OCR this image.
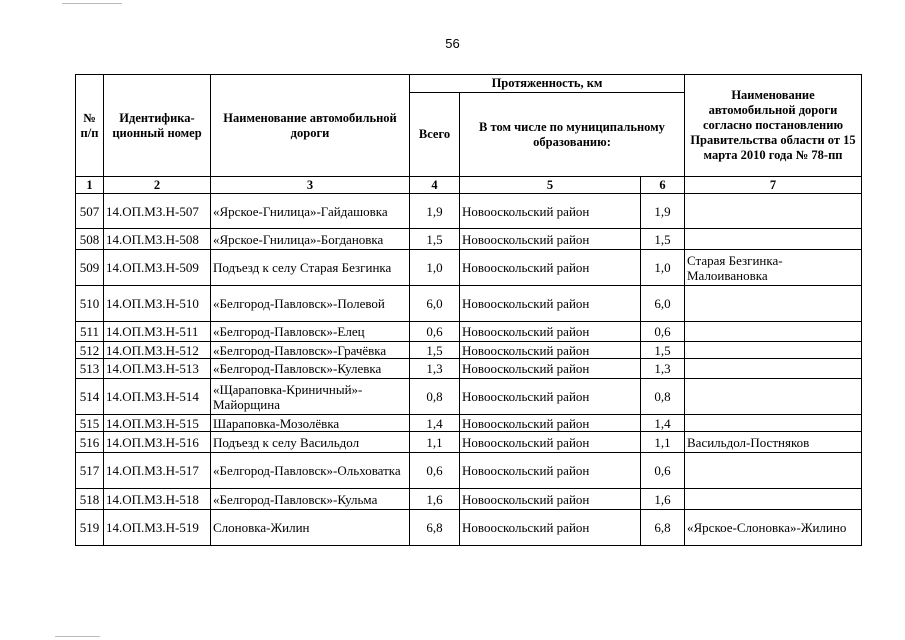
56
№ п/п	Идентифика-ционный номер	Наименование автомобильной дороги	Протяженность, км			Наименование автомобильной дороги согласно постановлению Правительства области от 15 марта 2010 года № 78-пп
			Всего	В том числе по муниципальному образованию:		
1	2	3	4	5	6	7
507	14.ОП.МЗ.Н-507	«Ярское-Гнилица»-Гайдашовка	1,9	Новооскольский район	1,9	
508	14.ОП.МЗ.Н-508	«Ярское-Гнилица»-Богдановка	1,5	Новооскольский район	1,5	
509	14.ОП.МЗ.Н-509	Подъезд к селу Старая Безгинка	1,0	Новооскольский район	1,0	Старая Безгинка-Малоивановка
510	14.ОП.МЗ.Н-510	«Белгород-Павловск»-Полевой	6,0	Новооскольский район	6,0	
511	14.ОП.МЗ.Н-511	«Белгород-Павловск»-Елец	0,6	Новооскольский район	0,6	
512	14.ОП.МЗ.Н-512	«Белгород-Павловск»-Грачёвка	1,5	Новооскольский район	1,5	
513	14.ОП.МЗ.Н-513	«Белгород-Павловск»-Кулевка	1,3	Новооскольский район	1,3	
514	14.ОП.МЗ.Н-514	«Щараповка-Криничный»-Майорщина	0,8	Новооскольский район	0,8	
515	14.ОП.МЗ.Н-515	Шараповка-Мозолёвка	1,4	Новооскольский район	1,4	
516	14.ОП.МЗ.Н-516	Подъезд к селу Васильдол	1,1	Новооскольский район	1,1	Васильдол-Постняков
517	14.ОП.МЗ.Н-517	«Белгород-Павловск»-Ольховатка	0,6	Новооскольский район	0,6	
518	14.ОП.МЗ.Н-518	«Белгород-Павловск»-Кульма	1,6	Новооскольский район	1,6	
519	14.ОП.МЗ.Н-519	Слоновка-Жилин	6,8	Новооскольский район	6,8	«Ярское-Слоновка»-Жилино
